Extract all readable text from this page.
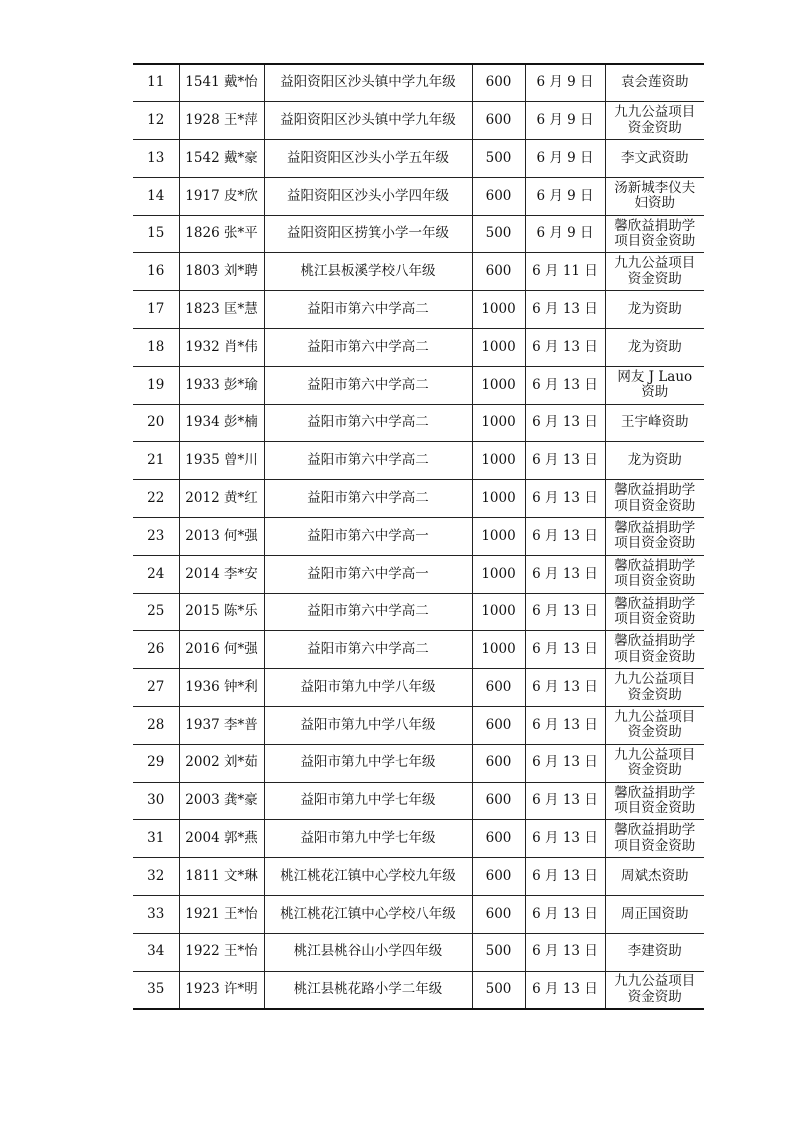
11	1541 戴*怡	益阳资阳区沙头镇中学九年级	600	6 月 9 日	袁会莲资助

12	1928 王*萍	益阳资阳区沙头镇中学九年级	600	6 月 9 日	九九公益项目
资金资助

13	1542 戴*豪	益阳资阳区沙头小学五年级	500	6 月 9 日	李文武资助

14	1917 皮*欣	益阳资阳区沙头小学四年级	600	6 月 9 日	汤新城李仪夫
妇资助

15	1826 张*平	益阳资阳区捞箕小学一年级	500	6 月 9 日	馨欣益捐助学
项目资金资助

16	1803 刘*聘	桃江县板溪学校八年级	600	6 月 11 日	九九公益项目
资金资助

17	1823 匡*慧	益阳市第六中学高二	1000	6 月 13 日	龙为资助

18	1932 肖*伟	益阳市第六中学高二	1000	6 月 13 日	龙为资助

19	1933 彭*瑜	益阳市第六中学高二	1000	6 月 13 日	网友 J Lauo
资助

20	1934 彭*楠	益阳市第六中学高二	1000	6 月 13 日	王宇峰资助

21	1935 曾*川	益阳市第六中学高二	1000	6 月 13 日	龙为资助

22	2012 黄*红	益阳市第六中学高二	1000	6 月 13 日	馨欣益捐助学
项目资金资助

23	2013 何*强	益阳市第六中学高一	1000	6 月 13 日	馨欣益捐助学
项目资金资助

24	2014 李*安	益阳市第六中学高一	1000	6 月 13 日	馨欣益捐助学
项目资金资助

25	2015 陈*乐	益阳市第六中学高二	1000	6 月 13 日	馨欣益捐助学
项目资金资助

26	2016 何*强	益阳市第六中学高二	1000	6 月 13 日	馨欣益捐助学
项目资金资助

27	1936 钟*利	益阳市第九中学八年级	600	6 月 13 日	九九公益项目
资金资助

28	1937 李*普	益阳市第九中学八年级	600	6 月 13 日	九九公益项目
资金资助

29	2002 刘*茹	益阳市第九中学七年级	600	6 月 13 日	九九公益项目
资金资助

30	2003 龚*豪	益阳市第九中学七年级	600	6 月 13 日	馨欣益捐助学
项目资金资助

31	2004 郭*燕	益阳市第九中学七年级	600	6 月 13 日	馨欣益捐助学
项目资金资助

32	1811 文*琳	桃江桃花江镇中心学校九年级	600	6 月 13 日	周斌杰资助

33	1921 王*怡	桃江桃花江镇中心学校八年级	600	6 月 13 日	周正国资助

34	1922 王*怡	桃江县桃谷山小学四年级	500	6 月 13 日	李建资助

35	1923 许*明	桃江县桃花路小学二年级	500	6 月 13 日	九九公益项目
资金资助
